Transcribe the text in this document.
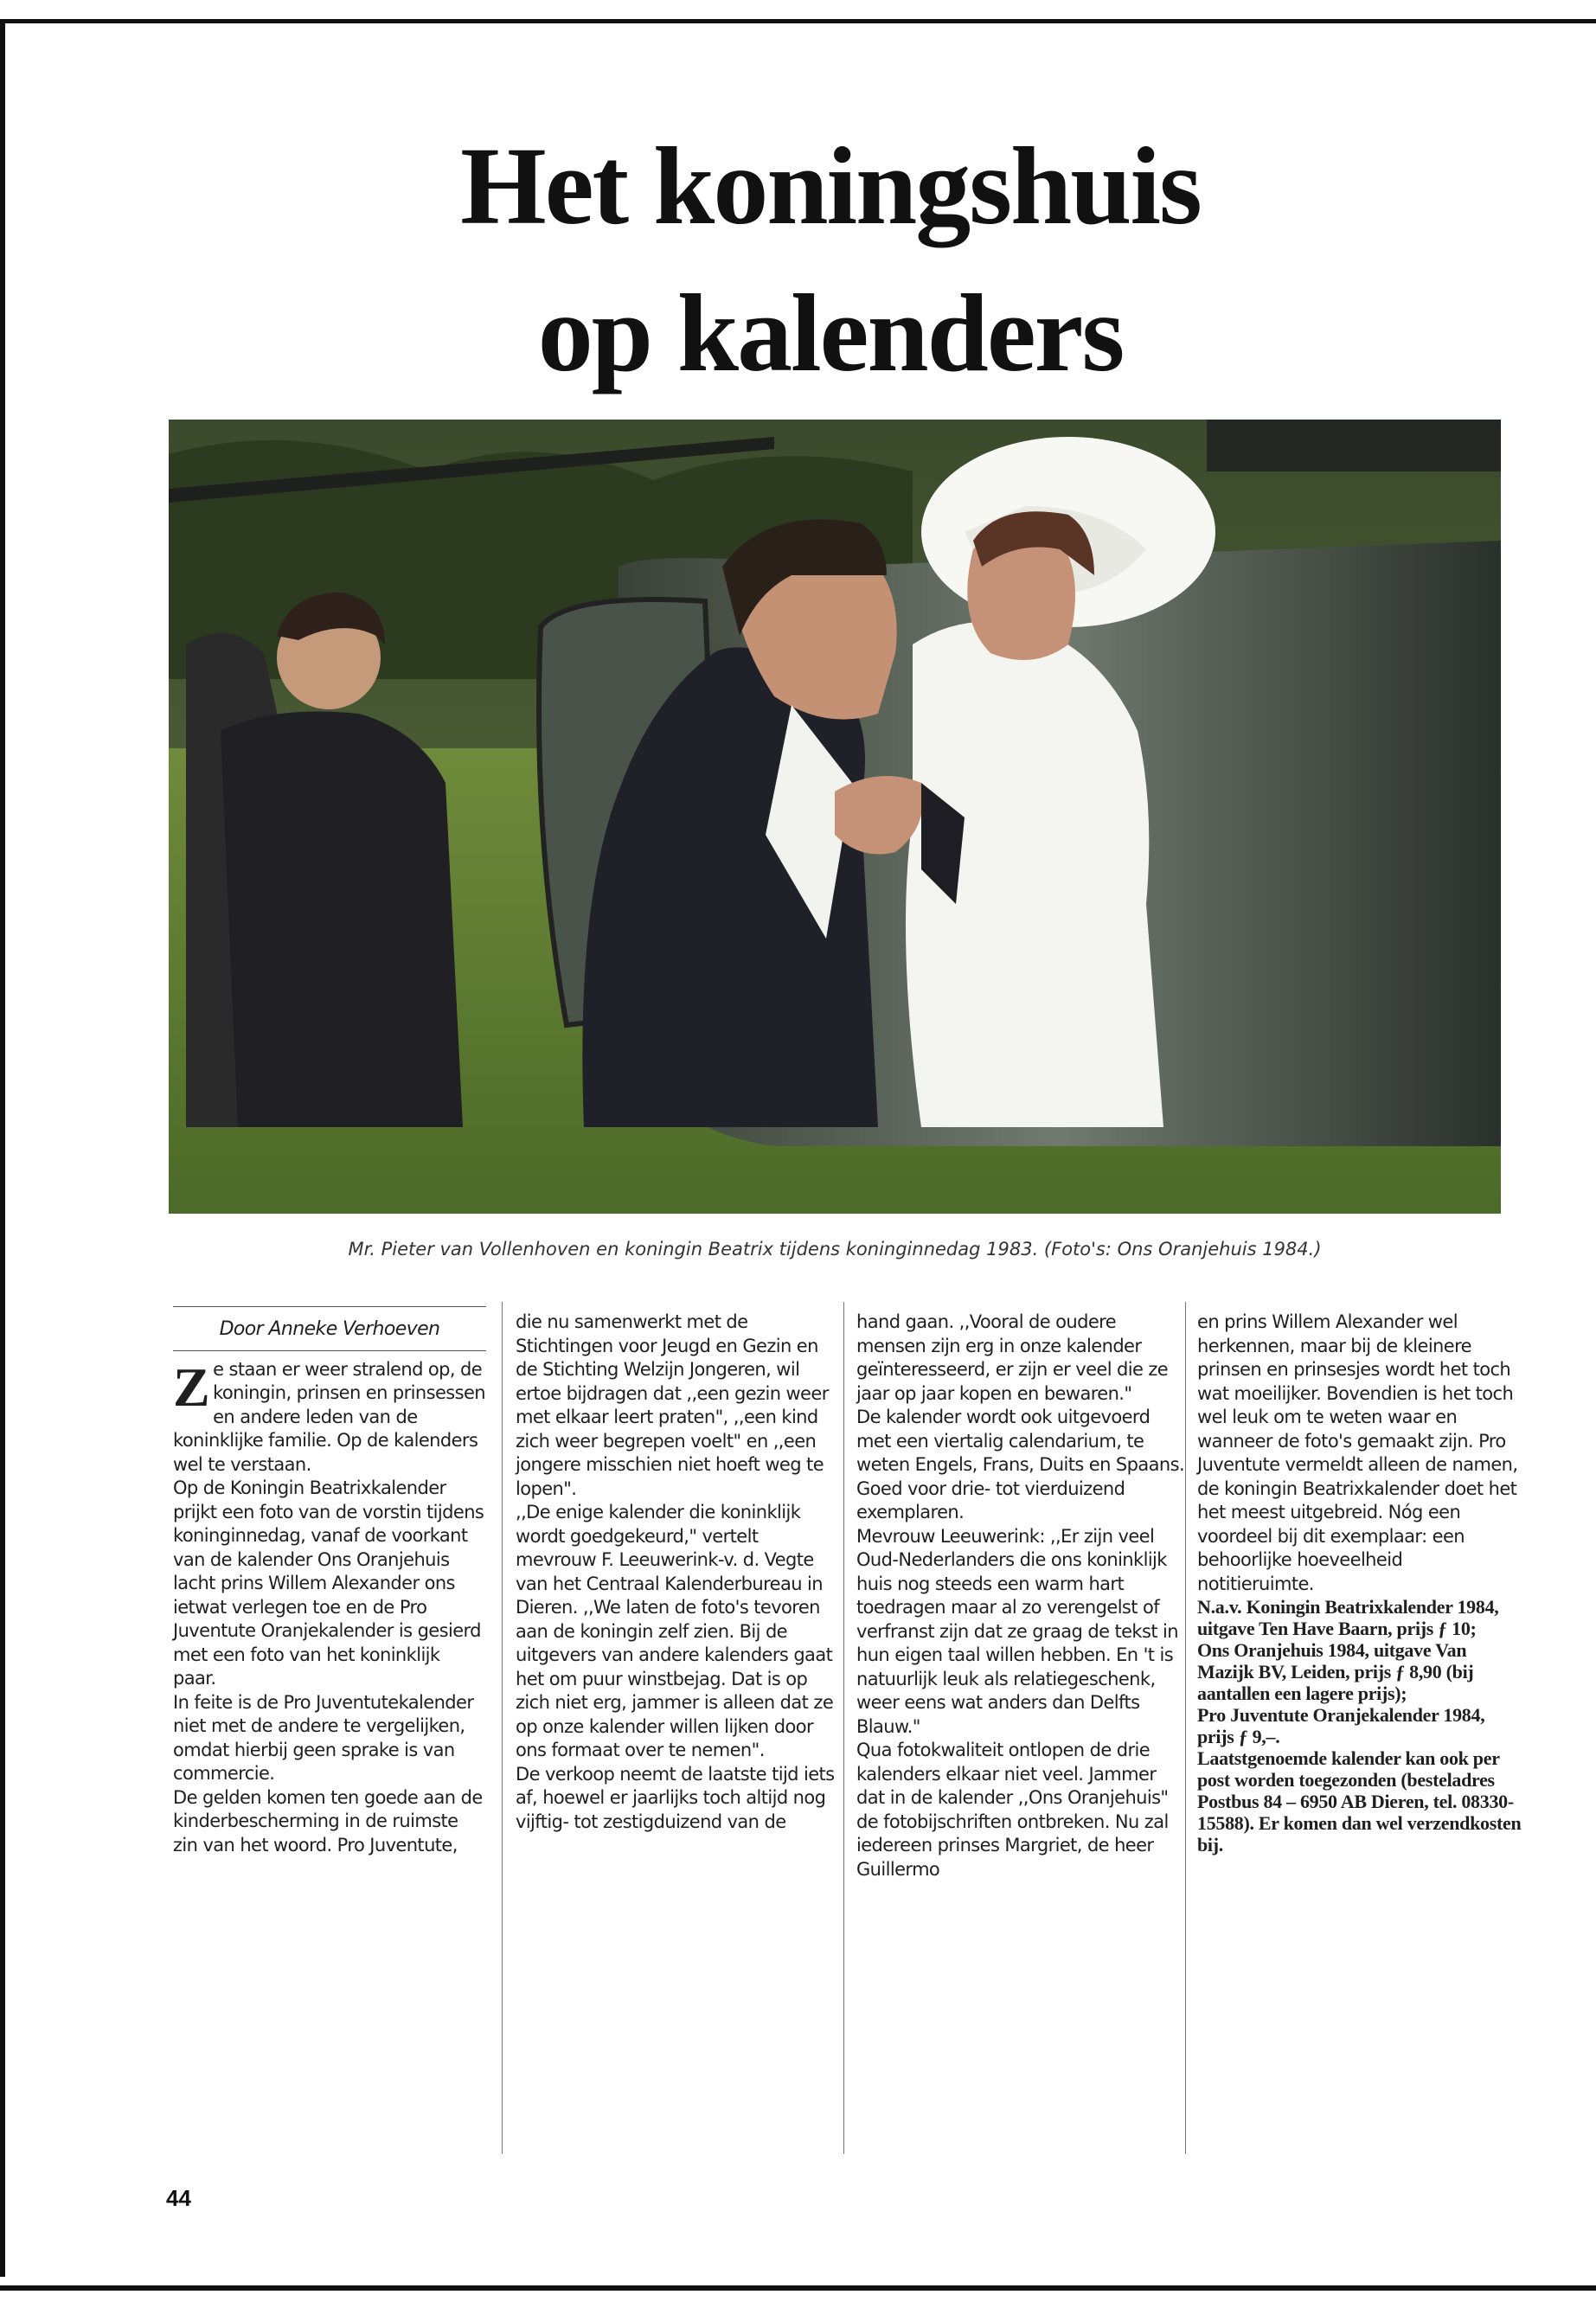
Het koningshuis
op kalenders
Mr. Pieter van Vollenhoven en koningin Beatrix tijdens koninginnedag 1983. (Foto's: Ons Oranjehuis 1984.)
Door Anneke Verhoeven

Ze staan er weer stralend op, de koningin, prinsen en prinsessen en andere leden van de koninklijke familie. Op de kalenders wel te verstaan.

Op de Koningin Beatrixkalender prijkt een foto van de vorstin tijdens koninginnedag, vanaf de voorkant van de kalender Ons Oranjehuis lacht prins Willem Alexander ons ietwat verlegen toe en de Pro Juventute Oranjekalender is gesierd met een foto van het koninklijk paar.

In feite is de Pro Juventutekalender niet met de andere te vergelijken, omdat hierbij geen sprake is van commercie.

De gelden komen ten goede aan de kinderbescherming in de ruimste zin van het woord. Pro Juventute,

die nu samenwerkt met de Stichtingen voor Jeugd en Gezin en de Stichting Welzijn Jongeren, wil ertoe bijdragen dat ,,een gezin weer met elkaar leert praten", ,,een kind zich weer begrepen voelt" en ,,een jongere misschien niet hoeft weg te lopen".

,,De enige kalender die koninklijk wordt goedgekeurd," vertelt mevrouw F. Leeuwerink-v. d. Vegte van het Centraal Kalenderbureau in Dieren. ,,We laten de foto's tevoren aan de koningin zelf zien. Bij de uitgevers van andere kalenders gaat het om puur winstbejag. Dat is op zich niet erg, jammer is alleen dat ze op onze kalender willen lijken door ons formaat over te nemen".

De verkoop neemt de laatste tijd iets af, hoewel er jaarlijks toch altijd nog vijftig- tot zestigduizend van de

hand gaan. ,,Vooral de oudere mensen zijn erg in onze kalender geïnteresseerd, er zijn er veel die ze jaar op jaar kopen en bewaren."

De kalender wordt ook uitgevoerd met een viertalig calendarium, te weten Engels, Frans, Duits en Spaans. Goed voor drie- tot vierduizend exemplaren.

Mevrouw Leeuwerink: ,,Er zijn veel Oud-Nederlanders die ons koninklijk huis nog steeds een warm hart toedragen maar al zo verengelst of verfranst zijn dat ze graag de tekst in hun eigen taal willen hebben. En 't is natuurlijk leuk als relatiegeschenk, weer eens wat anders dan Delfts Blauw."

Qua fotokwaliteit ontlopen de drie kalenders elkaar niet veel. Jammer dat in de kalender ,,Ons Oranjehuis" de fotobijschriften ontbreken. Nu zal iedereen prinses Margriet, de heer Guillermo

en prins Willem Alexander wel herkennen, maar bij de kleinere prinsen en prinsesjes wordt het toch wat moeilijker. Bovendien is het toch wel leuk om te weten waar en wanneer de foto's gemaakt zijn. Pro Juventute vermeldt alleen de namen, de koningin Beatrixkalender doet het het meest uitgebreid. Nóg een voordeel bij dit exemplaar: een behoorlijke hoeveelheid notitieruimte.

N.a.v. Koningin Beatrixkalender 1984, uitgave Ten Have Baarn, prijs ƒ 10;

Ons Oranjehuis 1984, uitgave Van Mazijk BV, Leiden, prijs ƒ 8,90 (bij aantallen een lagere prijs);

Pro Juventute Oranjekalender 1984, prijs ƒ 9,–.

Laatstgenoemde kalender kan ook per post worden toegezonden (besteladres Postbus 84 – 6950 AB Dieren, tel. 08330-15588). Er komen dan wel verzendkosten bij.

44
